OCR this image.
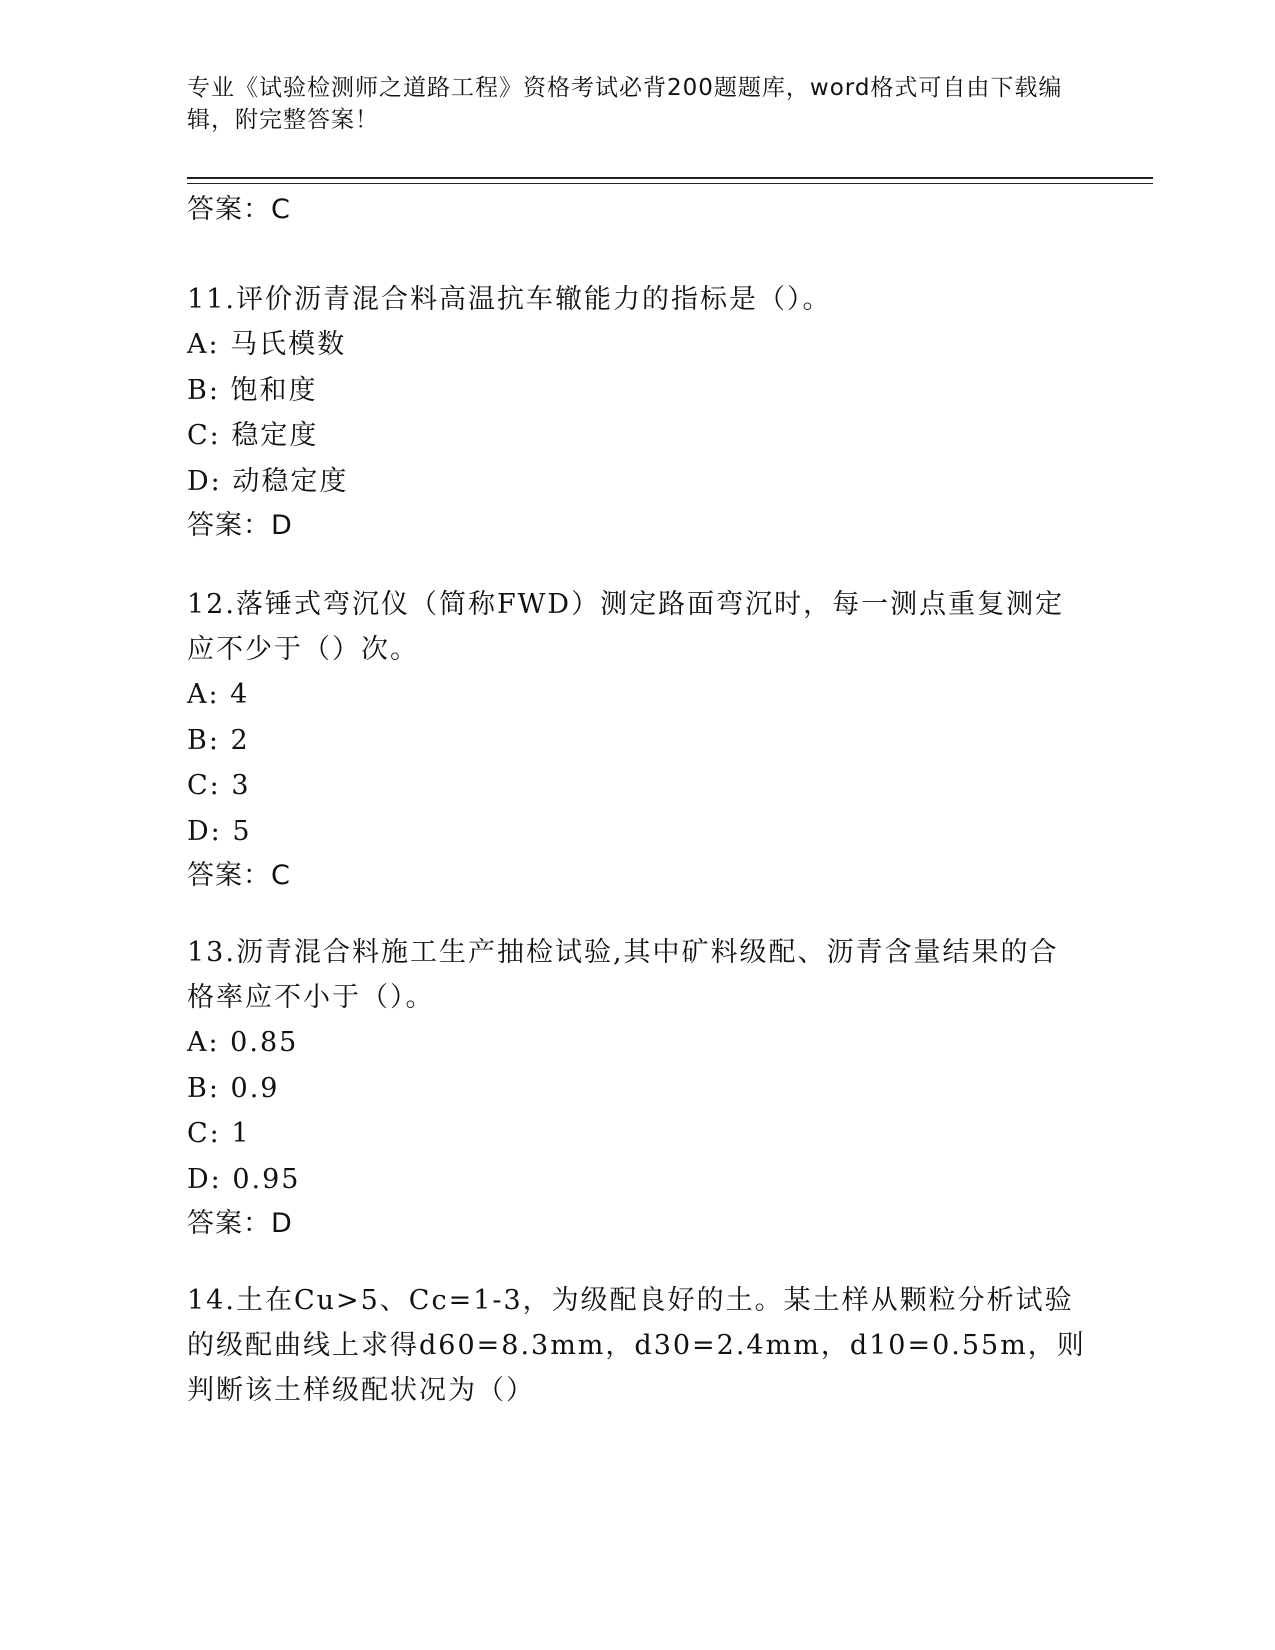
专业《试验检测师之道路工程》资格考试必背200题题库，word格式可自由下载编辑，附完整答案！
答案：C

11.评价沥青混合料高温抗车辙能力的指标是（）。

A: 马氏模数
B: 饱和度
C: 稳定度
D: 动稳定度
答案：D

12.落锤式弯沉仪（简称FWD）测定路面弯沉时，每一测点重复测定应不少于（）次。

A: 4
B: 2
C: 3
D: 5
答案：C

13.沥青混合料施工生产抽检试验,其中矿料级配、沥青含量结果的合格率应不小于（）。

A: 0.85
B: 0.9
C: 1
D: 0.95
答案：D

14.土在Cu>5、Cc=1-3，为级配良好的土。某土样从颗粒分析试验的级配曲线上求得d60=8.3mm，d30=2.4mm，d10=0.55m，则判断该土样级配状况为（）
